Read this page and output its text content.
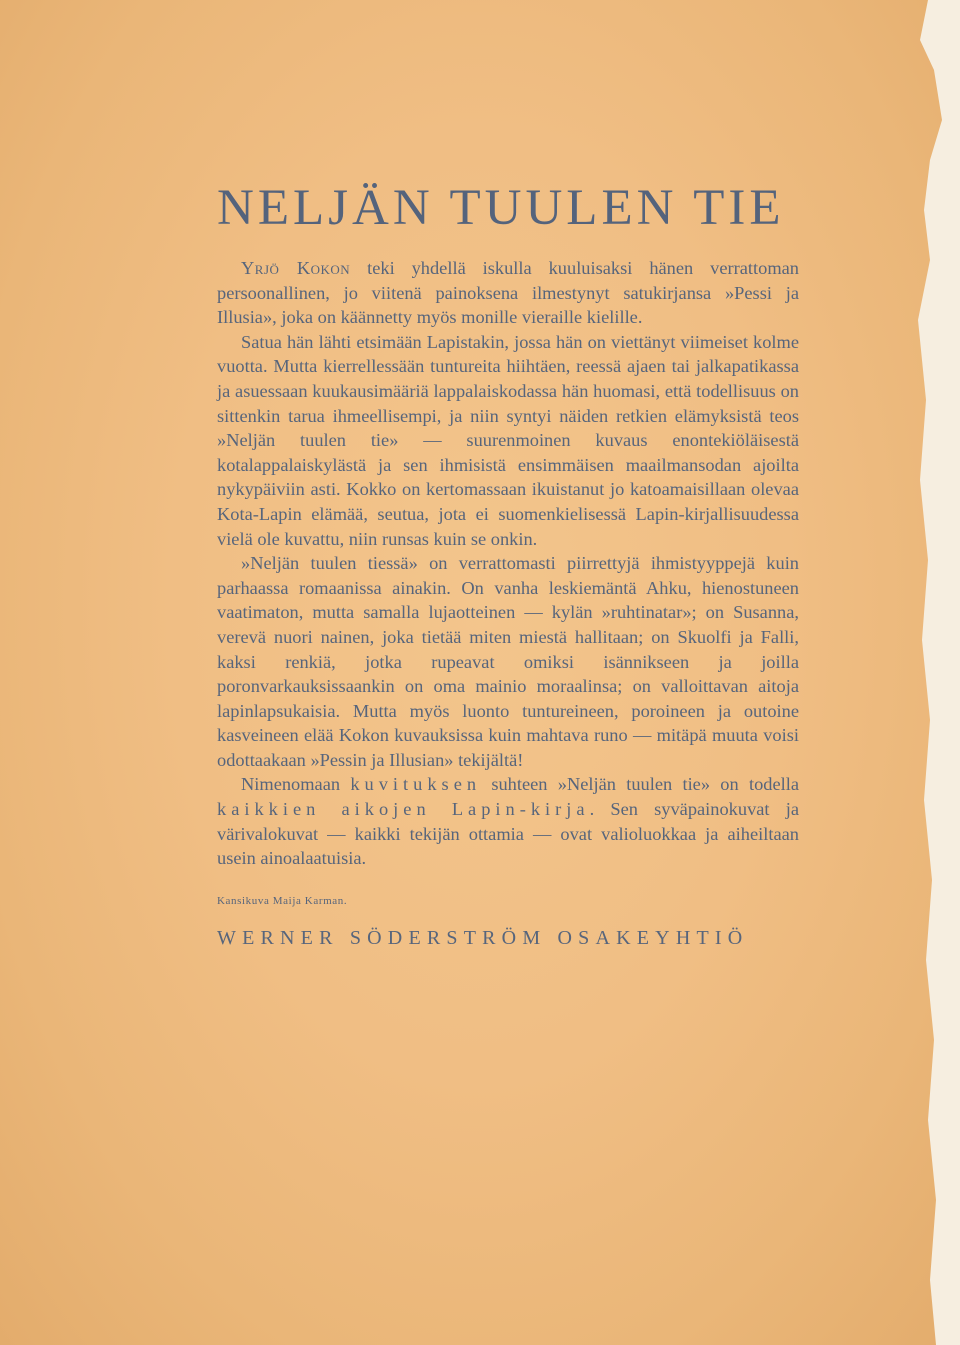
NELJÄN TUULEN TIE

Yrjö Kokon teki yhdellä iskulla kuuluisaksi hänen verrattoman persoonallinen, jo viitenä painoksena ilmestynyt satukirjansa »Pessi ja Illusia», joka on käännetty myös monille vieraille kielille.

Satua hän lähti etsimään Lapistakin, jossa hän on viettänyt viimeiset kolme vuotta. Mutta kierrellessään tuntureita hiihtäen, reessä ajaen tai jalkapatikassa ja asuessaan kuukausimääriä lappalaiskodassa hän huomasi, että todellisuus on sittenkin tarua ihmeellisempi, ja niin syntyi näiden retkien elämyksistä teos »Neljän tuulen tie» — suurenmoinen kuvaus enontekiöläisestä kotalappalaiskylästä ja sen ihmisistä ensimmäisen maailmansodan ajoilta nykypäiviin asti. Kokko on kertomassaan ikuistanut jo katoamaisillaan olevaa Kota-Lapin elämää, seutua, jota ei suomenkielisessä Lapin-kirjallisuudessa vielä ole kuvattu, niin runsas kuin se onkin.

»Neljän tuulen tiessä» on verrattomasti piirrettyjä ihmistyyppejä kuin parhaassa romaanissa ainakin. On vanha leskiemäntä Ahku, hienostuneen vaatimaton, mutta samalla lujaotteinen — kylän »ruhtinatar»; on Susanna, verevä nuori nainen, joka tietää miten miestä hallitaan; on Skuolfi ja Falli, kaksi renkiä, jotka rupeavat omiksi isännikseen ja joilla poronvarkauksissaankin on oma mainio moraalinsa; on valloittavan aitoja lapinlapsukaisia. Mutta myös luonto tuntureineen, poroineen ja outoine kasveineen elää Kokon kuvauksissa kuin mahtava runo — mitäpä muuta voisi odottaakaan »Pessin ja Illusian» tekijältä!

Nimenomaan kuvituksen suhteen »Neljän tuulen tie» on todella kaikkien aikojen Lapin-kirja. Sen syväpainokuvat ja värivalokuvat — kaikki tekijän ottamia — ovat valioluokkaa ja aiheiltaan usein ainoalaatuisia.

Kansikuva Maija Karman.
WERNER SÖDERSTRÖM OSAKEYHTIÖ
